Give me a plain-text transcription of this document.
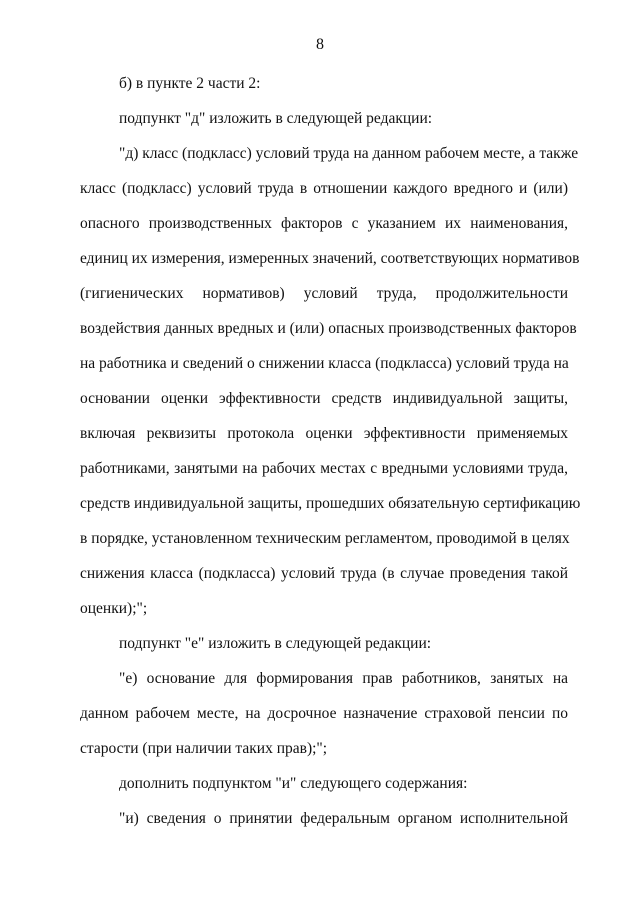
8
б) в пункте 2 части 2:
подпункт "д" изложить в следующей редакции:
"д) класс (подкласс) условий труда на данном рабочем месте, а также
класс (подкласс) условий труда в отношении каждого вредного и (или)
опасного производственных факторов с указанием их наименования,
единиц их измерения, измеренных значений, соответствующих нормативов
(гигиенических нормативов) условий труда, продолжительности
воздействия данных вредных и (или) опасных производственных факторов
на работника и сведений о снижении класса (подкласса) условий труда на
основании оценки эффективности средств индивидуальной защиты,
включая реквизиты протокола оценки эффективности применяемых
работниками, занятыми на рабочих местах с вредными условиями труда,
средств индивидуальной защиты, прошедших обязательную сертификацию
в порядке, установленном техническим регламентом, проводимой в целях
снижения класса (подкласса) условий труда (в случае проведения такой
оценки);";
подпункт "е" изложить в следующей редакции:
"е) основание для формирования прав работников, занятых на
данном рабочем месте, на досрочное назначение страховой пенсии по
старости (при наличии таких прав);";
дополнить подпунктом "и" следующего содержания:
"и) сведения о принятии федеральным органом исполнительной
